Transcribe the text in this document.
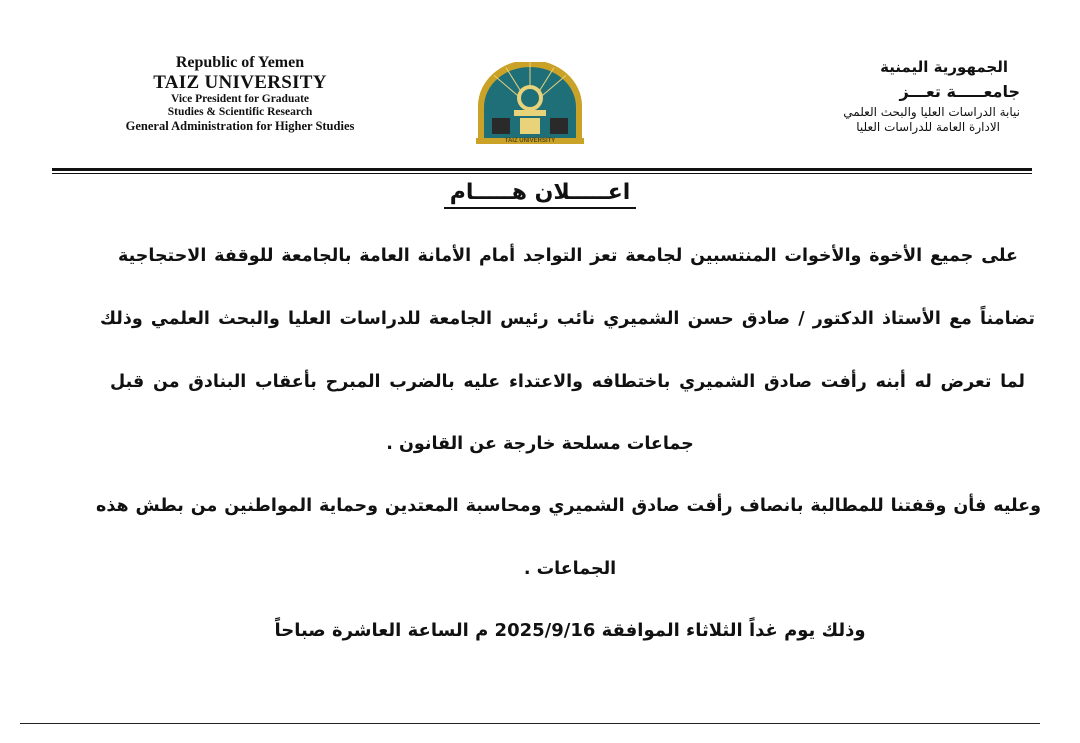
Republic of Yemen
TAIZ UNIVERSITY
Vice President for Graduate
Studies & Scientific Research
General Administration for Higher Studies
TAIZ UNIVERSITY
الجمهورية اليمنية
جامعـــــة تعـــز
نيابة الدراسات العليا والبحث العلمي
الادارة العامة للدراسات العليا
اعـــــلان هـــــام
على جميع الأخوة والأخوات المنتسبين لجامعة تعز التواجد أمام الأمانة العامة بالجامعة للوقفة الاحتجاجية
تضامناً مع الأستاذ الدكتور / صادق حسن الشميري نائب رئيس الجامعة للدراسات العليا والبحث العلمي وذلك
لما تعرض له أبنه رأفت صادق الشميري باختطافه والاعتداء عليه بالضرب المبرح بأعقاب البنادق من قبل
جماعات مسلحة خارجة عن القانون .
وعليه فأن وقفتنا للمطالبة بانصاف رأفت صادق الشميري ومحاسبة المعتدين وحماية المواطنين من بطش هذه
الجماعات .
وذلك يوم غداً الثلاثاء الموافقة 2025/9/16 م الساعة العاشرة صباحاً
